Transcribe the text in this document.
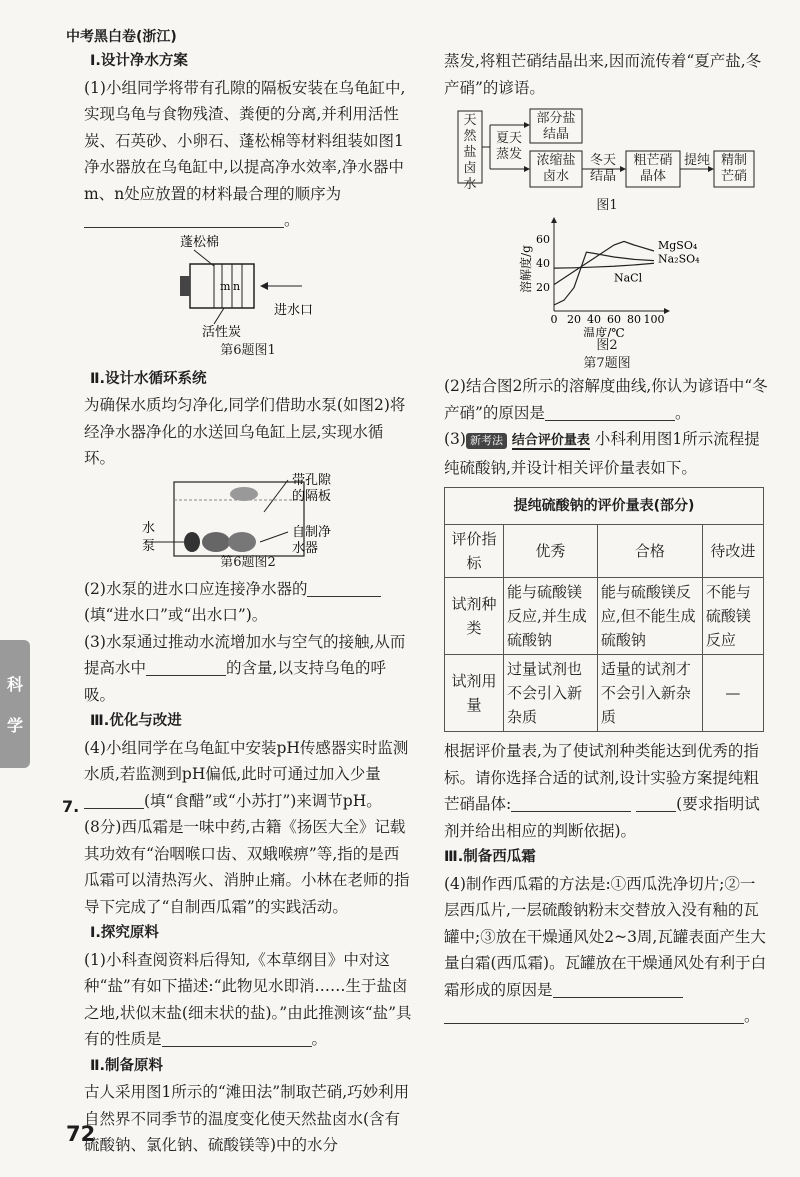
中考黑白卷(浙江)
科
学

Ⅰ.设计净水方案

(1)小组同学将带有孔隙的隔板安装在乌龟缸中,实现乌龟与食物残渣、粪便的分离,并利用活性炭、石英砂、小卵石、蓬松棉等材料组装如图1净水器放在乌龟缸中,以提高净水效率,净水器中m、n处应放置的材料最合理的顺序为。

蓬松棉
m n
进水口
活性炭
第6题图1

Ⅱ.设计水循环系统

为确保水质均匀净化,同学们借助水泵(如图2)将经净水器净化的水送回乌龟缸上层,实现水循环。

带孔隙的隔板
自制净水器
水泵
第6题图2

(2)水泵的进水口应连接净水器的(填“进水口”或“出水口”)。

(3)水泵通过推动水流增加水与空气的接触,从而提高水中	的含量,以支持乌龟的呼吸。

Ⅲ.优化与改进

(4)小组同学在乌龟缸中安装pH传感器实时监测水质,若监测到pH偏低,此时可通过加入少量(填“食醋”或“小苏打”)来调节pH。

(8分)西瓜霜是一味中药,古籍《扬医大全》记载其功效有“治咽喉口齿、双蛾喉痹”等,指的是西瓜霜可以清热泻火、消肿止痛。小林在老师的指导下完成了“自制西瓜霜”的实践活动。

Ⅰ.探究原料

(1)小科查阅资料后得知,《本草纲目》中对这种“盐”有如下描述:“此物见水即消……生于盐卤之地,状似末盐(细末状的盐)。”由此推测该“盐”具有的性质是	。

Ⅱ.制备原料

古人采用图1所示的“滩田法”制取芒硝,巧妙利用自然界不同季节的温度变化使天然盐卤水(含有硫酸钠、氯化钠、硫酸镁等)中的水分

7.

蒸发,将粗芒硝结晶出来,因而流传着“夏产盐,冬产硝”的谚语。

天然盐卤水
夏天蒸发
部分盐结晶
浓缩盐卤水
冬天结晶
粗芒硝晶体
提纯 精制芒硝
图1
0 20 40 60 80 100
20
40
60
温度/℃
溶解度/g	MgSO₄
Na₂SO₄
NaCl
图2
第7题图

(2)结合图2所示的溶解度曲线,你认为谚语中“冬产硝”的原因是	。

(3) 新考法 结合评价量表 小科利用图1所示流程提纯硫酸钠,并设计相关评价量表如下。

提纯硫酸钠的评价量表(部分)			
评价指标	优秀	合格	待改进
试剂种类	能与硫酸镁反应,并生成硫酸钠	能与硫酸镁反应,但不能生成硫酸钠	不能与硫酸镁反应
试剂用量	过量试剂也不会引入新杂质	适量的试剂才不会引入新杂质	—

根据评价量表,为了使试剂种类能达到优秀的指标。请你选择合适的试剂,设计实验方案提纯粗芒硝晶体:	(要求指明试剂并给出相应的判断依据)。

Ⅲ.制备西瓜霜

(4)制作西瓜霜的方法是:①西瓜洗净切片;②一层西瓜片,一层硫酸钠粉末交替放入没有釉的瓦罐中;③放在干燥通风处2~3周,瓦罐表面产生大量白霜(西瓜霜)。瓦罐放在干燥通风处有利于白霜形成的原因是 。

72
